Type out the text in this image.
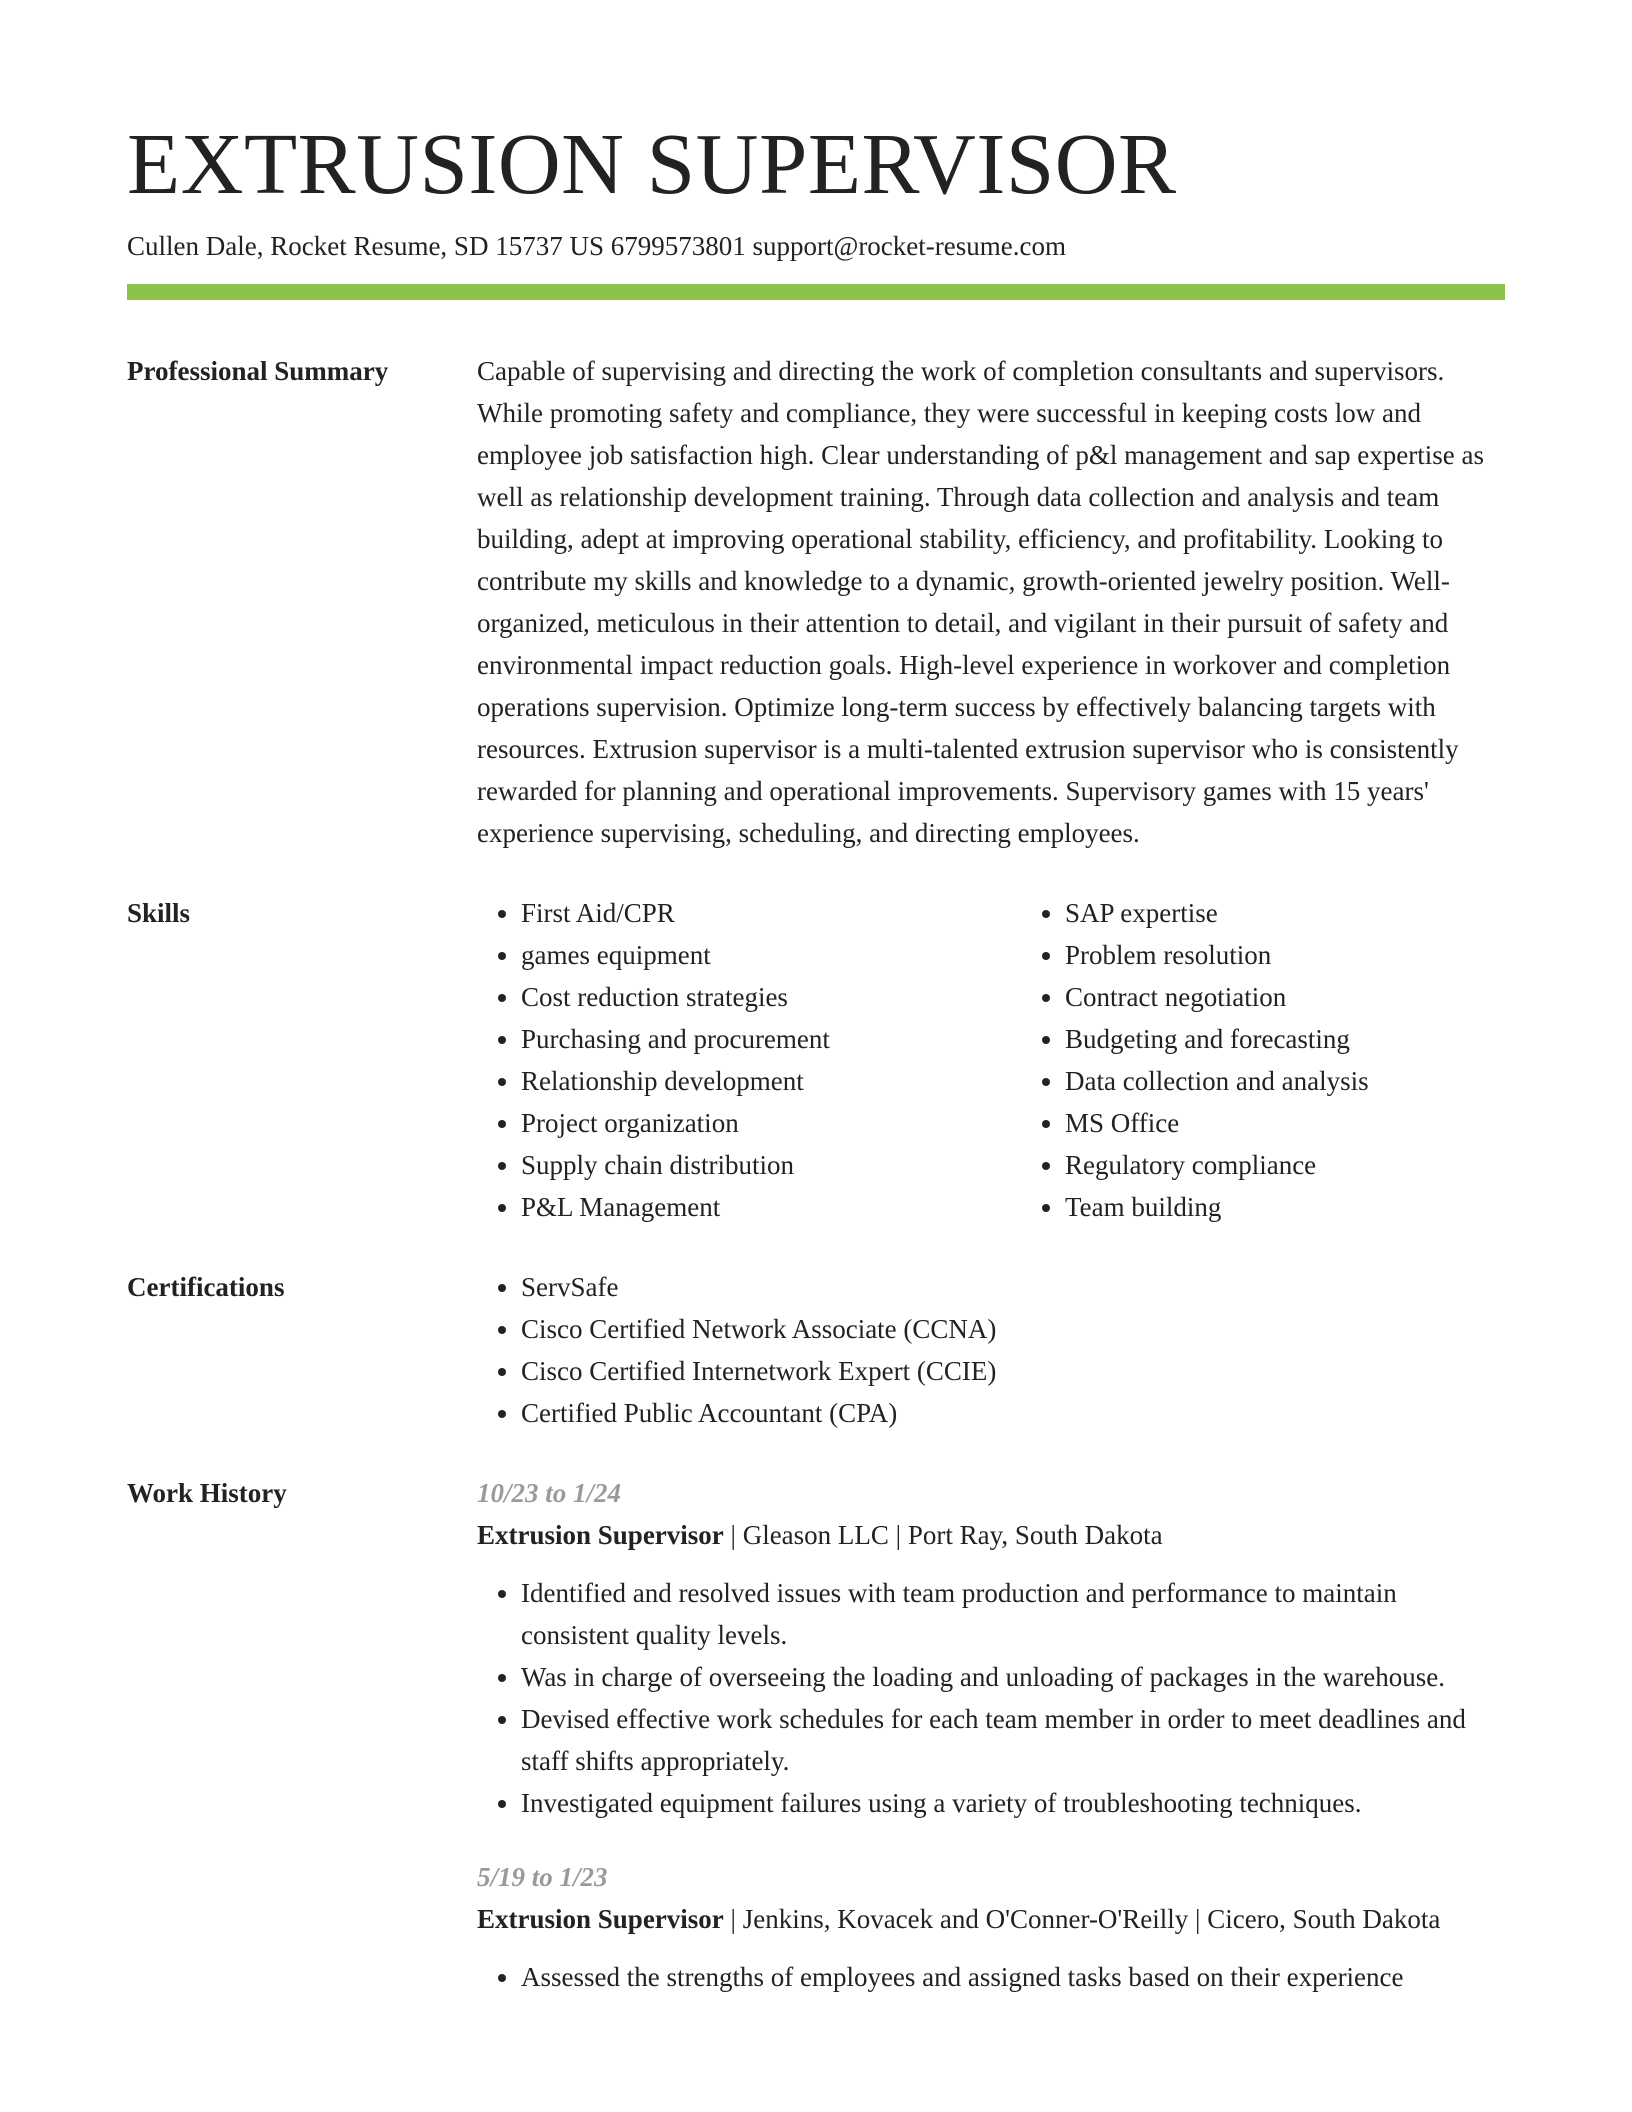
EXTRUSION SUPERVISOR
Cullen Dale, Rocket Resume, SD 15737 US 6799573801 support@rocket-resume.com
Professional Summary	Capable of supervising and directing the work of completion consultants and supervisors. While promoting safety and compliance, they were successful in keeping costs low and employee job satisfaction high. Clear understanding of p&l management and sap expertise as well as relationship development training. Through data collection and analysis and team building, adept at improving operational stability, efficiency, and profitability. Looking to contribute my skills and knowledge to a dynamic, growth-oriented jewelry position. Well-organized, meticulous in their attention to detail, and vigilant in their pursuit of safety and environmental impact reduction goals. High-level experience in workover and completion operations supervision. Optimize long-term success by effectively balancing targets with resources. Extrusion supervisor is a multi-talented extrusion supervisor who is consistently rewarded for planning and operational improvements. Supervisory games with 15 years' experience supervising, scheduling, and directing employees.

Skills	• First Aid/CPR
• games equipment
• Cost reduction strategies
• Purchasing and procurement
• Relationship development
• Project organization
• Supply chain distribution
• P&L Management
• SAP expertise
• Problem resolution
• Contract negotiation
• Budgeting and forecasting
• Data collection and analysis
• MS Office
• Regulatory compliance
• Team building
Certifications	• ServSafe
• Cisco Certified Network Associate (CCNA)
• Cisco Certified Internetwork Expert (CCIE)
• Certified Public Accountant (CPA)
Work History	10/23 to 1/24
Extrusion Supervisor | Gleason LLC | Port Ray, South Dakota
• Identified and resolved issues with team production and performance to maintain consistent quality levels.
• Was in charge of overseeing the loading and unloading of packages in the warehouse.
• Devised effective work schedules for each team member in order to meet deadlines and staff shifts appropriately.
• Investigated equipment failures using a variety of troubleshooting techniques.
5/19 to 1/23
Extrusion Supervisor | Jenkins, Kovacek and O'Conner-O'Reilly | Cicero, South Dakota
• Assessed the strengths of employees and assigned tasks based on their experience
